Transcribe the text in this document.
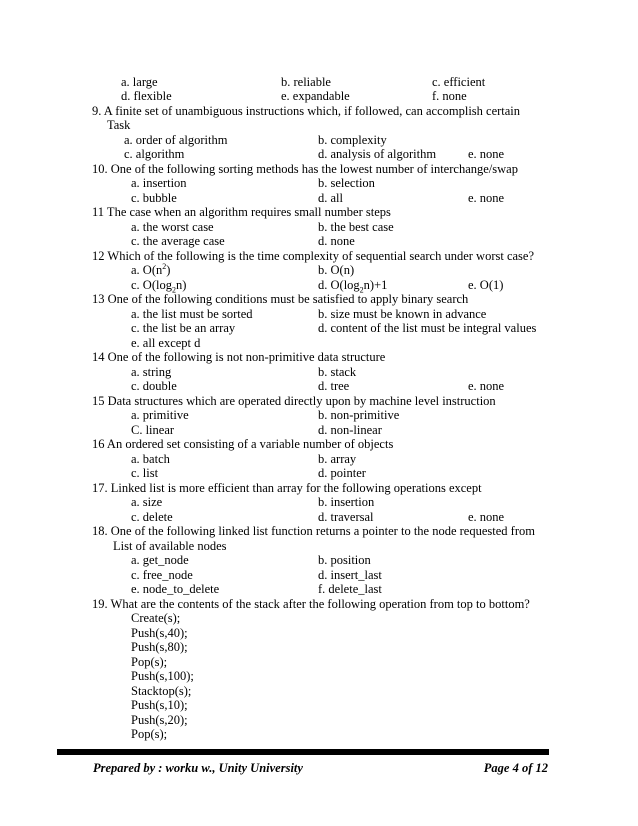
a. large	b. reliable	c. efficient
d. flexible	e. expandable	f. none
9. A finite set of unambiguous instructions which, if followed, can accomplish certain
Task
a. order of algorithm	b. complexity
c. algorithm	d. analysis of algorithm	e. none
10. One of the following sorting methods has the lowest number of interchange/swap
a. insertion	b. selection
c. bubble	d. all	e. none
11 The case when an algorithm requires small number steps
a. the worst case	b. the best case
c. the average case	d. none
12 Which of the following is the time complexity of sequential search under worst case?
a. $O(n^2)$	b. O(n)
c. $O(\log_2n)$	d. $O(\log_2n)+1$	e. O(1)
13 One of the following conditions must be satisfied to apply binary search
a. the list must be sorted	b. size must be known in advance
c. the list be an array	d. content of the list must be integral values
e. all except d
14 One of the following is not non-primitive data structure
a. string	b. stack
c. double	d. tree	e. none
15 Data structures which are operated directly upon by machine level instruction
a. primitive	b. non-primitive
C. linear	d. non-linear
16 An ordered set consisting of a variable number of objects
a. batch	b. array
c. list	d. pointer
17. Linked list is more efficient than array for the following operations except
a. size	b. insertion
c. delete	d. traversal	e. none
18. One of the following linked list function returns a pointer to the node requested from
List of available nodes
a. get_node	b. position
c. free_node	d. insert_last
e. node_to_delete	f. delete_last
19. What are the contents of the stack after the following operation from top to bottom?
Create(s);
Push(s,40);
Push(s,80);
Pop(s);
Push(s,100);
Stacktop(s);
Push(s,10);
Push(s,20);
Pop(s);
Prepared by : worku w., Unity University	Page 4 of 12
